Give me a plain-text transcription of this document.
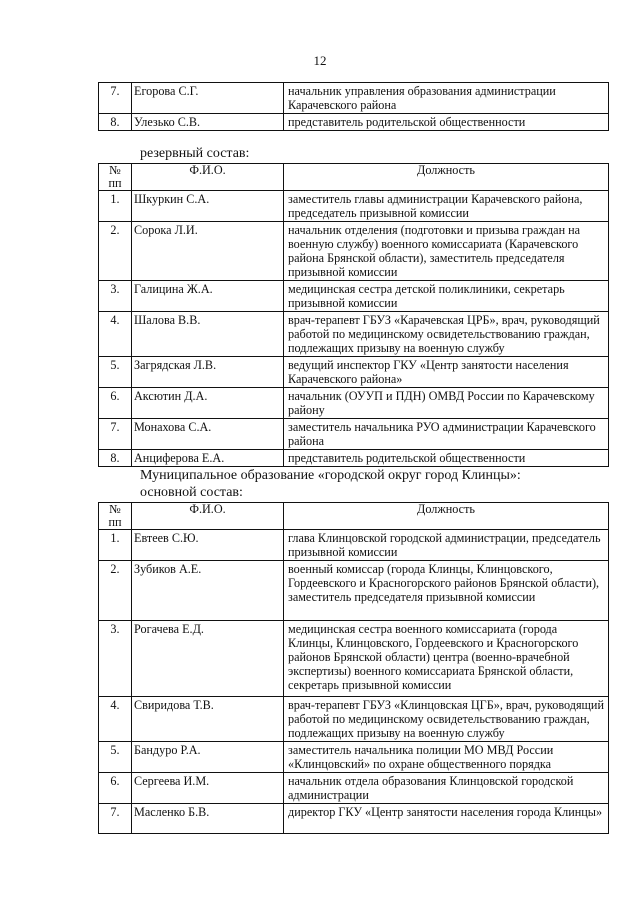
12
7.	Егорова С.Г.	начальник управления образования администрации Карачевского района
8.	Улезько С.В.	представитель родительской общественности
резервный состав:
№ пп	Ф.И.О.	Должность
1.	Шкуркин С.А.	заместитель главы администрации Карачевского района, председатель призывной комиссии
2.	Сорока Л.И.	начальник отделения (подготовки и призыва граждан на военную службу) военного комиссариата (Карачевского района Брянской области), заместитель председателя призывной комиссии
3.	Галицина Ж.А.	медицинская сестра детской поликлиники, секретарь призывной комиссии
4.	Шалова В.В.	врач-терапевт ГБУЗ «Карачевская ЦРБ», врач, руководящий работой по медицинскому освидетельствованию граждан, подлежащих призыву на военную службу
5.	Загрядская Л.В.	ведущий инспектор ГКУ «Центр занятости населения Карачевского района»
6.	Аксютин Д.А.	начальник (ОУУП и ПДН) ОМВД России по Карачевскому району
7.	Монахова С.А.	заместитель начальника РУО администрации Карачевского района
8.	Анциферова Е.А.	представитель родительской общественности
Муниципальное образование «городской округ город Клинцы»:
основной состав:
№ пп	Ф.И.О.	Должность
1.	Евтеев С.Ю.	глава Клинцовской городской администрации, председатель призывной комиссии
2.	Зубиков А.Е.	военный комиссар (города Клинцы, Клинцовского, Гордеевского и Красногорского районов Брянской области), заместитель председателя призывной комиссии
3.	Рогачева Е.Д.	медицинская сестра военного комиссариата (города Клинцы, Клинцовского, Гордеевского и Красногорского районов Брянской области) центра (военно-врачебной экспертизы) военного комиссариата Брянской области, секретарь призывной комиссии
4.	Свиридова Т.В.	врач-терапевт ГБУЗ «Клинцовская ЦГБ», врач, руководящий работой по медицинскому освидетельствованию граждан, подлежащих призыву на военную службу
5.	Бандуро Р.А.	заместитель начальника полиции МО МВД России «Клинцовский» по охране общественного порядка
6.	Сергеева И.М.	начальник отдела образования Клинцовской городской администрации
7.	Масленко Б.В.	директор ГКУ «Центр занятости населения города Клинцы»
